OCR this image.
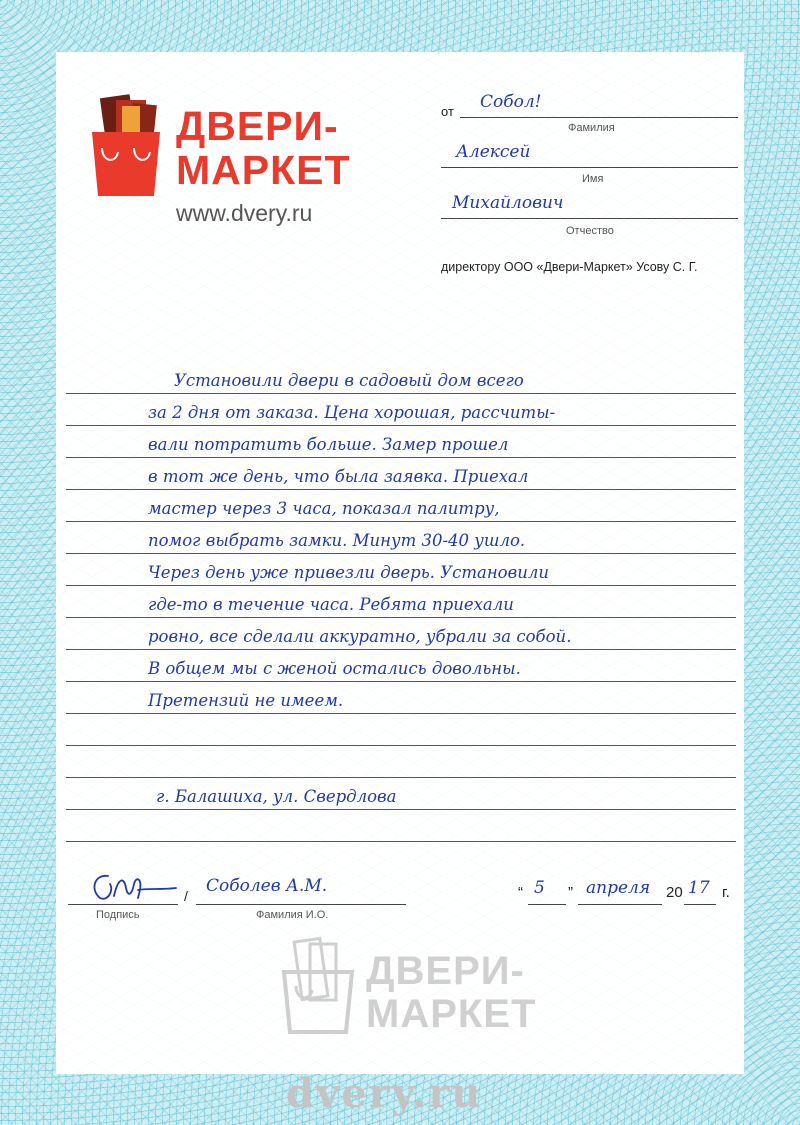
ДВЕРИ-
МАРКЕТ
www.dvery.ru
от Собол!
Фамилия
Алексей
Имя
Михайлович
Отчество
директору ООО «Двери-Маркет» Усову С. Г.
Установили двери в садовый дом всего
за 2 дня от заказа. Цена хорошая, рассчиты-
вали потратить больше. Замер прошел
в тот же день, что была заявка. Приехал
мастер через 3 часа, показал палитру,
помог выбрать замки. Минут 30-40 ушло.
Через день уже привезли дверь. Установили
где-то в течение часа. Ребята приехали
ровно, все сделали аккуратно, убрали за собой.
В общем мы с женой остались довольны.
Претензий не имеем.
г. Балашиха, ул. Свердлова
Подпись
/ Соболев А.М.
Фамилия И.О.
“ 5 ” апреля 20 17 г.
ДВЕРИ-
МАРКЕТ
dvery.ru
